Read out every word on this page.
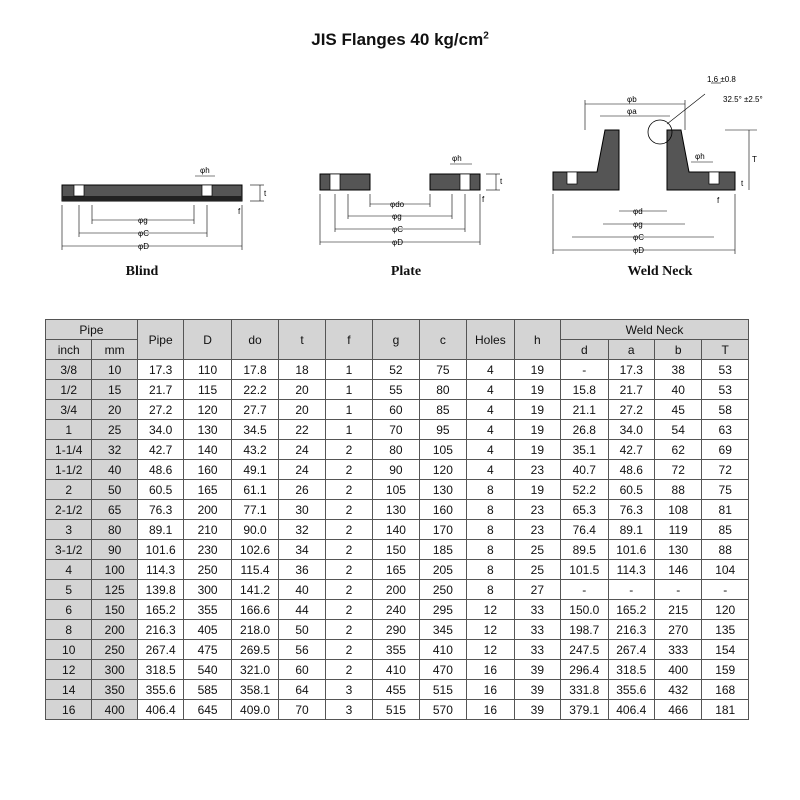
JIS Flanges 40 $kg/cm^2$
φh
t
f
φg
φC
φD
Blind
φh
t
f
φdo
φg
φC
φD
Plate
1.6 ±0.8
32.5° ±2.5°
φb
φa
T
φh
t
f
φd
φg
φC
φD
Weld Neck
Pipe		Pipe	D	do	t	f	g	c	Holes	h	Weld Neck			
inch	mm										d	a	b	T
3/8	10	17.3	110	17.8	18	1	52	75	4	19	-	17.3	38	53
1/2	15	21.7	115	22.2	20	1	55	80	4	19	15.8	21.7	40	53
3/4	20	27.2	120	27.7	20	1	60	85	4	19	21.1	27.2	45	58
1	25	34.0	130	34.5	22	1	70	95	4	19	26.8	34.0	54	63
1-1/4	32	42.7	140	43.2	24	2	80	105	4	19	35.1	42.7	62	69
1-1/2	40	48.6	160	49.1	24	2	90	120	4	23	40.7	48.6	72	72
2	50	60.5	165	61.1	26	2	105	130	8	19	52.2	60.5	88	75
2-1/2	65	76.3	200	77.1	30	2	130	160	8	23	65.3	76.3	108	81
3	80	89.1	210	90.0	32	2	140	170	8	23	76.4	89.1	119	85
3-1/2	90	101.6	230	102.6	34	2	150	185	8	25	89.5	101.6	130	88
4	100	114.3	250	115.4	36	2	165	205	8	25	101.5	114.3	146	104
5	125	139.8	300	141.2	40	2	200	250	8	27	-	-	-	-
6	150	165.2	355	166.6	44	2	240	295	12	33	150.0	165.2	215	120
8	200	216.3	405	218.0	50	2	290	345	12	33	198.7	216.3	270	135
10	250	267.4	475	269.5	56	2	355	410	12	33	247.5	267.4	333	154
12	300	318.5	540	321.0	60	2	410	470	16	39	296.4	318.5	400	159
14	350	355.6	585	358.1	64	3	455	515	16	39	331.8	355.6	432	168
16	400	406.4	645	409.0	70	3	515	570	16	39	379.1	406.4	466	181
